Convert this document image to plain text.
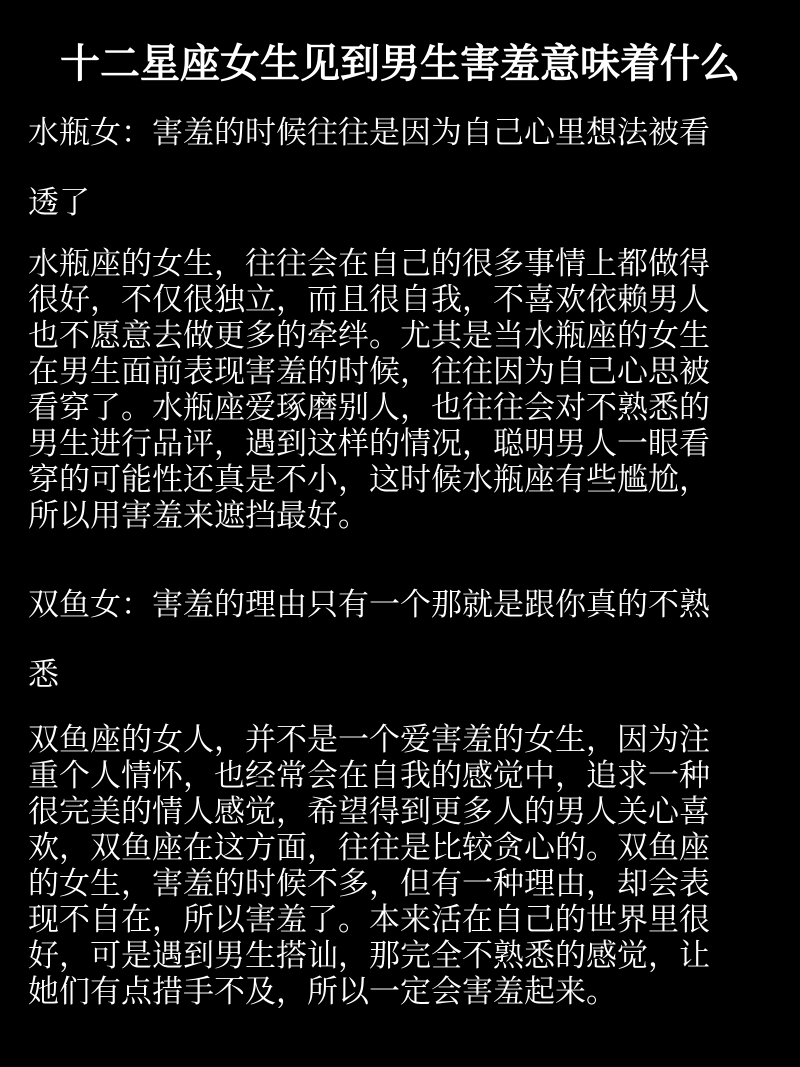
十二星座女生见到男生害羞意味着什么
水瓶女：害羞的时候往往是因为自己心里想法被看
透了
水瓶座的女生，往往会在自己的很多事情上都做得
很好，不仅很独立，而且很自我，不喜欢依赖男人
也不愿意去做更多的牵绊。尤其是当水瓶座的女生
在男生面前表现害羞的时候，往往因为自己心思被
看穿了。水瓶座爱琢磨别人，也往往会对不熟悉的
男生进行品评，遇到这样的情况，聪明男人一眼看
穿的可能性还真是不小，这时候水瓶座有些尴尬，
所以用害羞来遮挡最好。
双鱼女：害羞的理由只有一个那就是跟你真的不熟
悉
双鱼座的女人，并不是一个爱害羞的女生，因为注
重个人情怀，也经常会在自我的感觉中，追求一种
很完美的情人感觉，希望得到更多人的男人关心喜
欢，双鱼座在这方面，往往是比较贪心的。双鱼座
的女生，害羞的时候不多，但有一种理由，却会表
现不自在，所以害羞了。本来活在自己的世界里很
好，可是遇到男生搭讪，那完全不熟悉的感觉，让
她们有点措手不及，所以一定会害羞起来。
